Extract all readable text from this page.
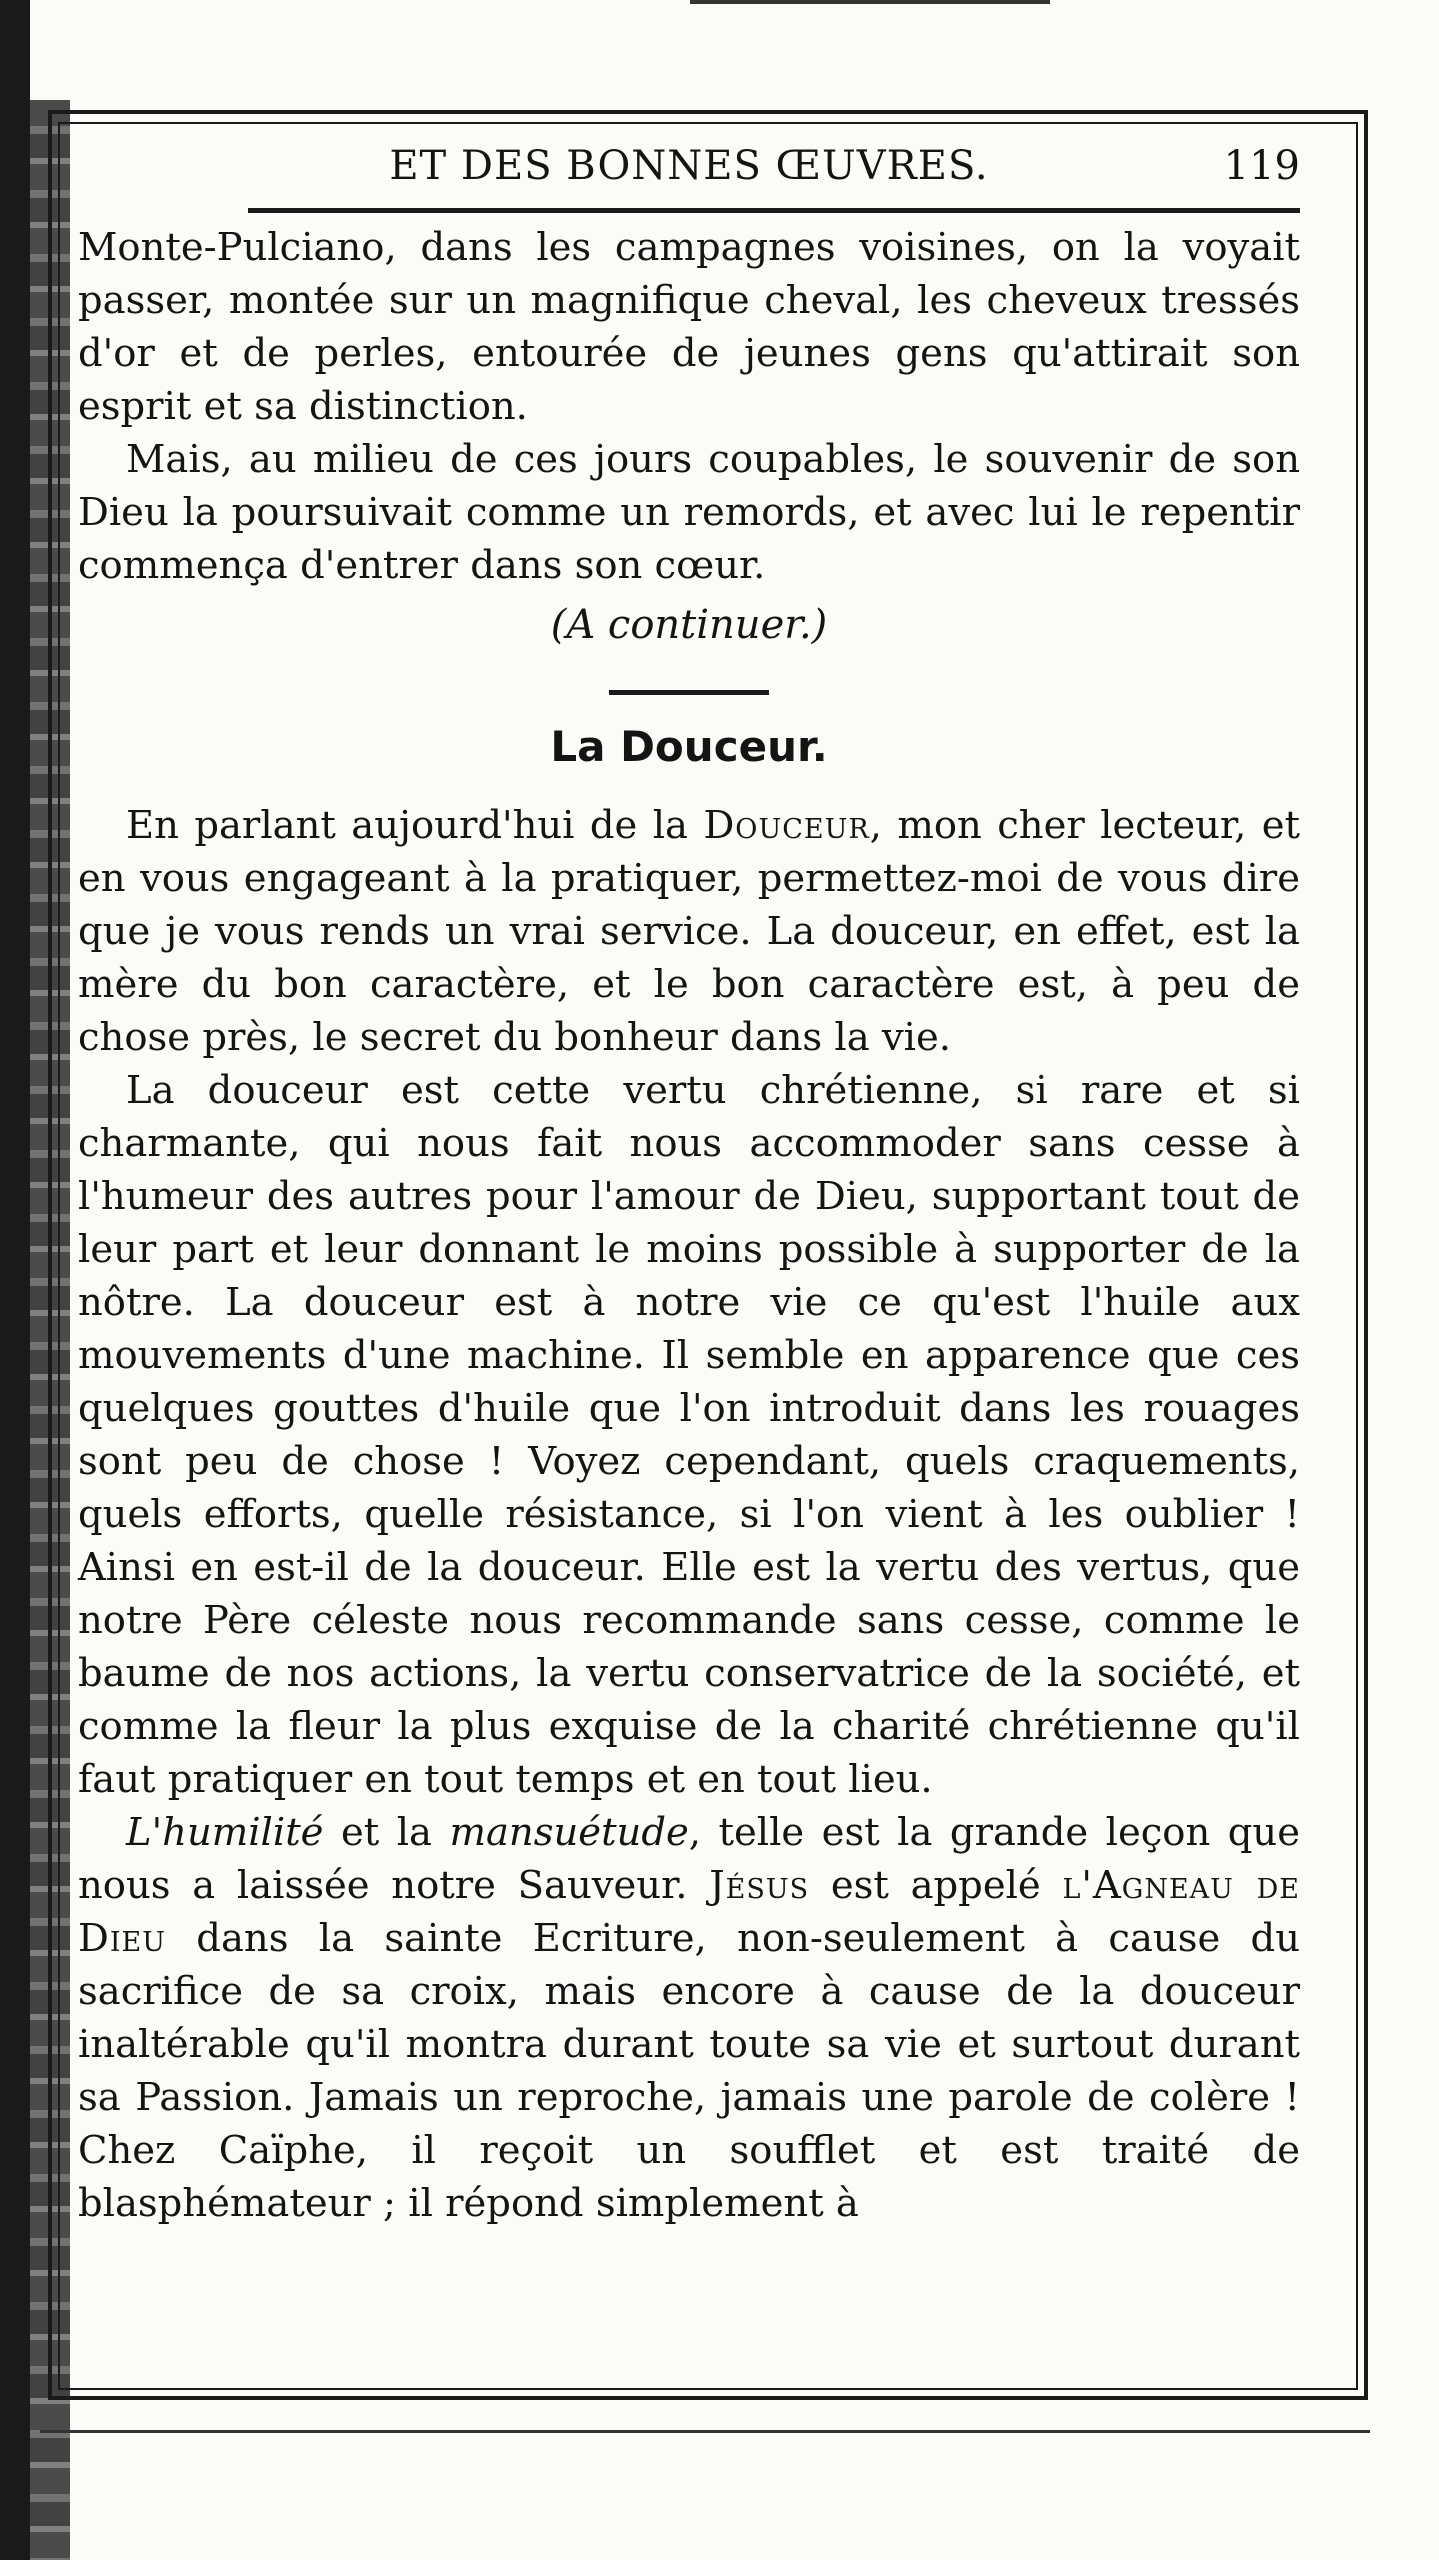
ET DES BONNES ŒUVRES.	119

Monte-Pulciano, dans les campagnes voisines, on la voyait passer, montée sur un magnifique cheval, les cheveux tressés d'or et de perles, entourée de jeunes gens qu'attirait son esprit et sa distinction.

Mais, au milieu de ces jours coupables, le souvenir de son Dieu la poursuivait comme un remords, et avec lui le repentir commença d'entrer dans son cœur.

(A continuer.)

La Douceur.

En parlant aujourd'hui de la Douceur, mon cher lecteur, et en vous engageant à la pratiquer, permettez-moi de vous dire que je vous rends un vrai service. La douceur, en effet, est la mère du bon caractère, et le bon caractère est, à peu de chose près, le secret du bonheur dans la vie.

La douceur est cette vertu chrétienne, si rare et si charmante, qui nous fait nous accommoder sans cesse à l'humeur des autres pour l'amour de Dieu, supportant tout de leur part et leur donnant le moins possible à supporter de la nôtre. La douceur est à notre vie ce qu'est l'huile aux mouvements d'une machine. Il semble en apparence que ces quelques gouttes d'huile que l'on introduit dans les rouages sont peu de chose ! Voyez cependant, quels craquements, quels efforts, quelle résistance, si l'on vient à les oublier ! Ainsi en est-il de la douceur. Elle est la vertu des vertus, que notre Père céleste nous recommande sans cesse, comme le baume de nos actions, la vertu conservatrice de la société, et comme la fleur la plus exquise de la charité chrétienne qu'il faut pratiquer en tout temps et en tout lieu.

L'humilité et la mansuétude, telle est la grande leçon que nous a laissée notre Sauveur. Jésus est appelé l'Agneau de Dieu dans la sainte Ecriture, non-seulement à cause du sacrifice de sa croix, mais encore à cause de la douceur inaltérable qu'il montra durant toute sa vie et surtout durant sa Passion. Jamais un reproche, jamais une parole de colère ! Chez Caïphe, il reçoit un soufflet et est traité de blasphémateur ; il répond simplement à
